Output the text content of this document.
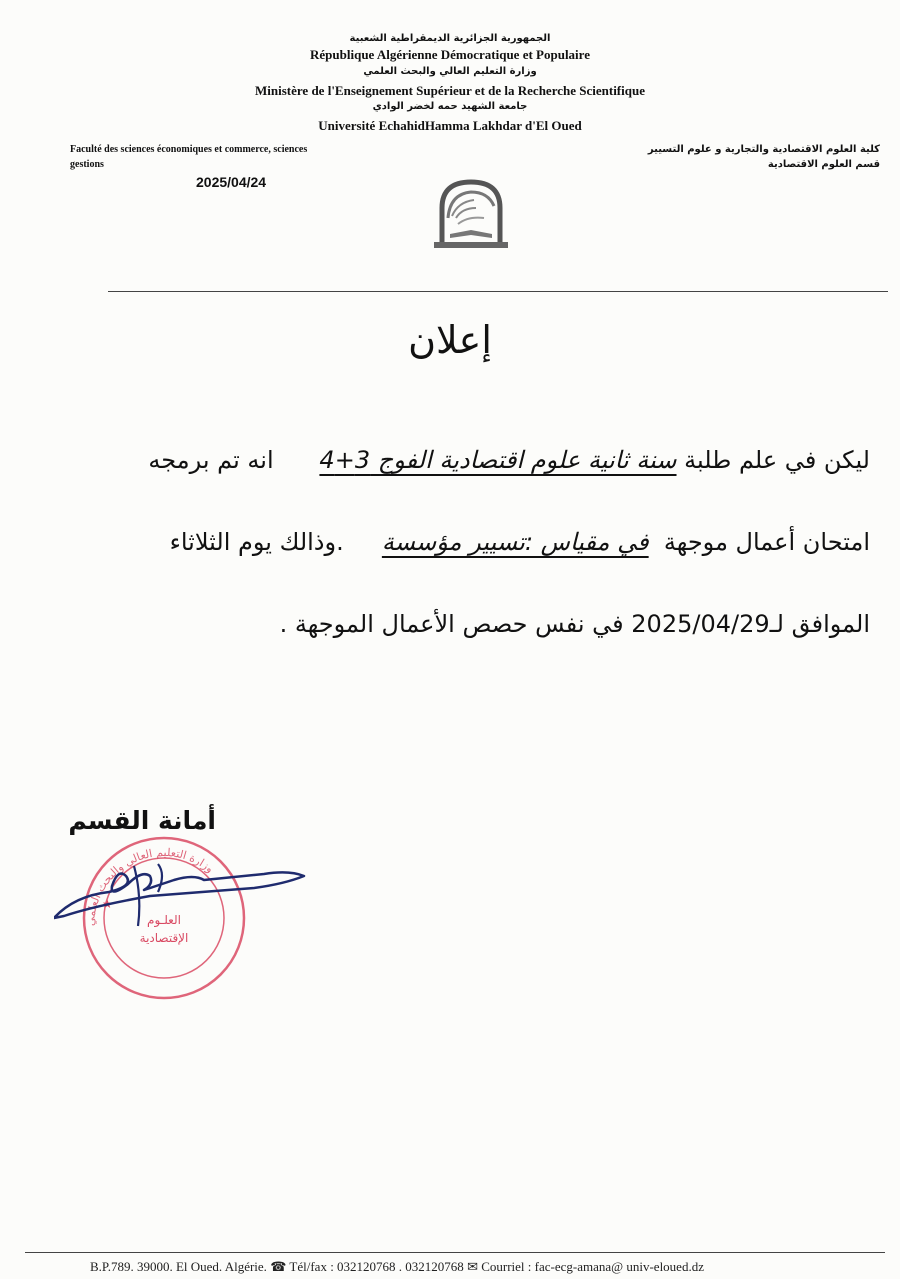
الجمهورية الجزائرية الديمقراطية الشعبية
République Algérienne Démocratique et Populaire
وزارة التعليم العالي والبحث العلمي
Ministère de l'Enseignement Supérieur et de la Recherche Scientifique
جامعة الشهيد حمه لخضر الوادي
Université EchahidHamma Lakhdar d'El Oued
Faculté des sciences économiques et commerce, sciences
gestions
كلية العلوم الاقتصادية والتجارية و علوم التسيير
قسم العلوم الاقتصادية
2025/04/24
إعلان
ليكن في علم طلبة سنة ثانية علوم اقتصادية الفوج 3+4      انه تم برمجه
امتحان أعمال موجهة  في مقياس :تسيير مؤسسة     .وذالك يوم الثلاثاء
الموافق لـ2025/04/29 في نفس حصص الأعمال الموجهة .
أمانة القسم
وزارة التعليم العالي والبحث العلمي
العلـوم
الإقتصادية
★
B.P.789. 39000. El Oued. Algérie. ☎ Tél/fax : 032120768 . 032120768 ✉ Courriel : fac-ecg-amana@ univ-eloued.dz
